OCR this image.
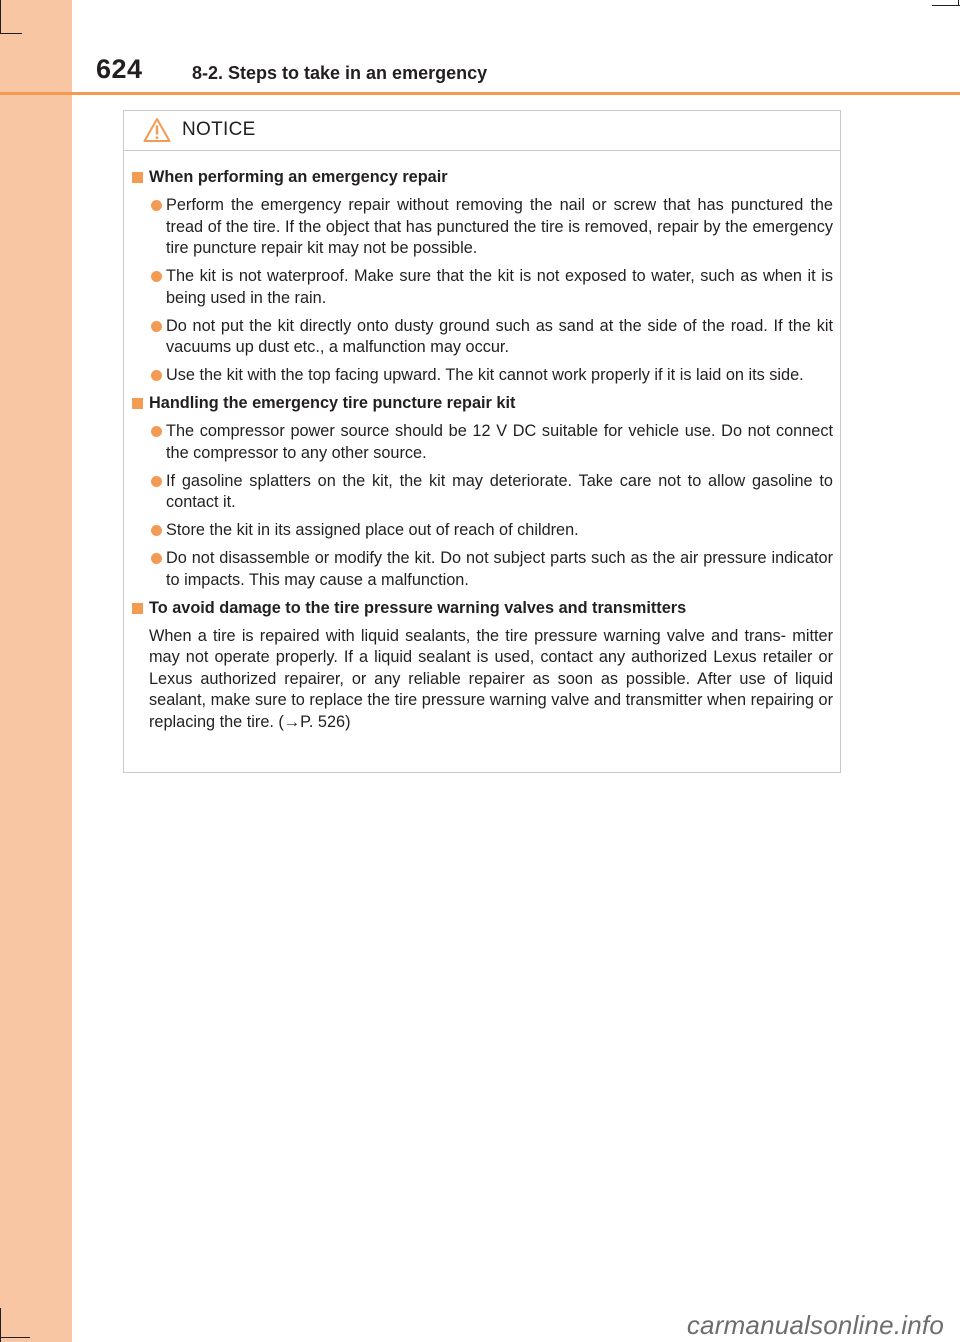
624	8-2. Steps to take in an emergency
NOTICE
When performing an emergency repair
Perform the emergency repair without removing the nail or screw that has punctured the tread of the tire. If the object that has punctured the tire is removed, repair by the emergency tire puncture repair kit may not be possible.
The kit is not waterproof. Make sure that the kit is not exposed to water, such as when it is being used in the rain.
Do not put the kit directly onto dusty ground such as sand at the side of the road. If the kit vacuums up dust etc., a malfunction may occur.
Use the kit with the top facing upward. The kit cannot work properly if it is laid on its side.
Handling the emergency tire puncture repair kit
The compressor power source should be 12 V DC suitable for vehicle use. Do not connect the compressor to any other source.
If gasoline splatters on the kit, the kit may deteriorate. Take care not to allow gasoline to contact it.
Store the kit in its assigned place out of reach of children.
Do not disassemble or modify the kit. Do not subject parts such as the air pressure indicator to impacts. This may cause a malfunction.
To avoid damage to the tire pressure warning valves and transmitters
When a tire is repaired with liquid sealants, the tire pressure warning valve and trans- mitter may not operate properly. If a liquid sealant is used, contact any authorized Lexus retailer or Lexus authorized repairer, or any reliable repairer as soon as possible. After use of liquid sealant, make sure to replace the tire pressure warning valve and transmitter when repairing or replacing the tire. (→P. 526)
carmanualsonline.info
